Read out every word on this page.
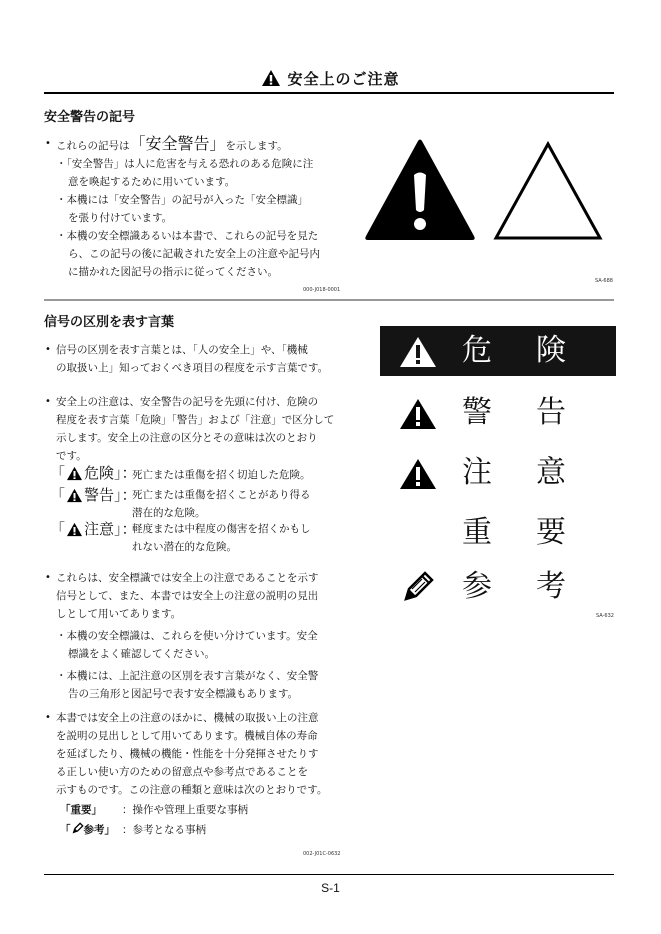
安全上のご注意
安全警告の記号
• これらの記号は「安全警告」を示します。
・「安全警告」は人に危害を与える恐れのある危険に注
意を喚起するために用いています。
・本機には「安全警告」の記号が入った「安全標識」
を張り付けています。
・本機の安全標識あるいは本書で、これらの記号を見た
ら、この記号の後に記載された安全上の注意や記号内
に描かれた図記号の指示に従ってください。
000-J018-0001
SA-688
信号の区別を表す言葉
• 信号の区別を表す言葉とは、「人の安全上」や、「機械
の取扱い上」知っておくべき項目の程度を示す言葉です。
• 安全上の注意は、安全警告の記号を先頭に付け、危険の
程度を表す言葉「危険」「警告」および「注意」で区分して
示します。安全上の注意の区分とその意味は次のとおり
です。
「 危険」：死亡または重傷を招く切迫した危険。
「 警告」：
死亡または重傷を招くことがあり得る
潜在的な危険。
「 注意」：
軽度または中程度の傷害を招くかもし
れない潜在的な危険。
• これらは、安全標識では安全上の注意であることを示す
信号として、また、本書では安全上の注意の説明の見出
しとして用いてあります。
・本機の安全標識は、これらを使い分けています。安全
標識をよく確認してください。
・本機には、上記注意の区別を表す言葉がなく、安全警
告の三角形と図記号で表す安全標識もあります。
• 本書では安全上の注意のほかに、機械の取扱い上の注意
を説明の見出しとして用いてあります。機械自体の寿命
を延ばしたり、機械の機能・性能を十分発揮させたりす
る正しい使い方のための留意点や参考点であることを
示すものです。この注意の種類と意味は次のとおりです。
「重要」 ：操作や管理上重要な事柄
「 参考」 ：参考となる事柄
002-J01C-0632
危 険
警 告
注 意
重 要
参 考
SA-632
S-1
